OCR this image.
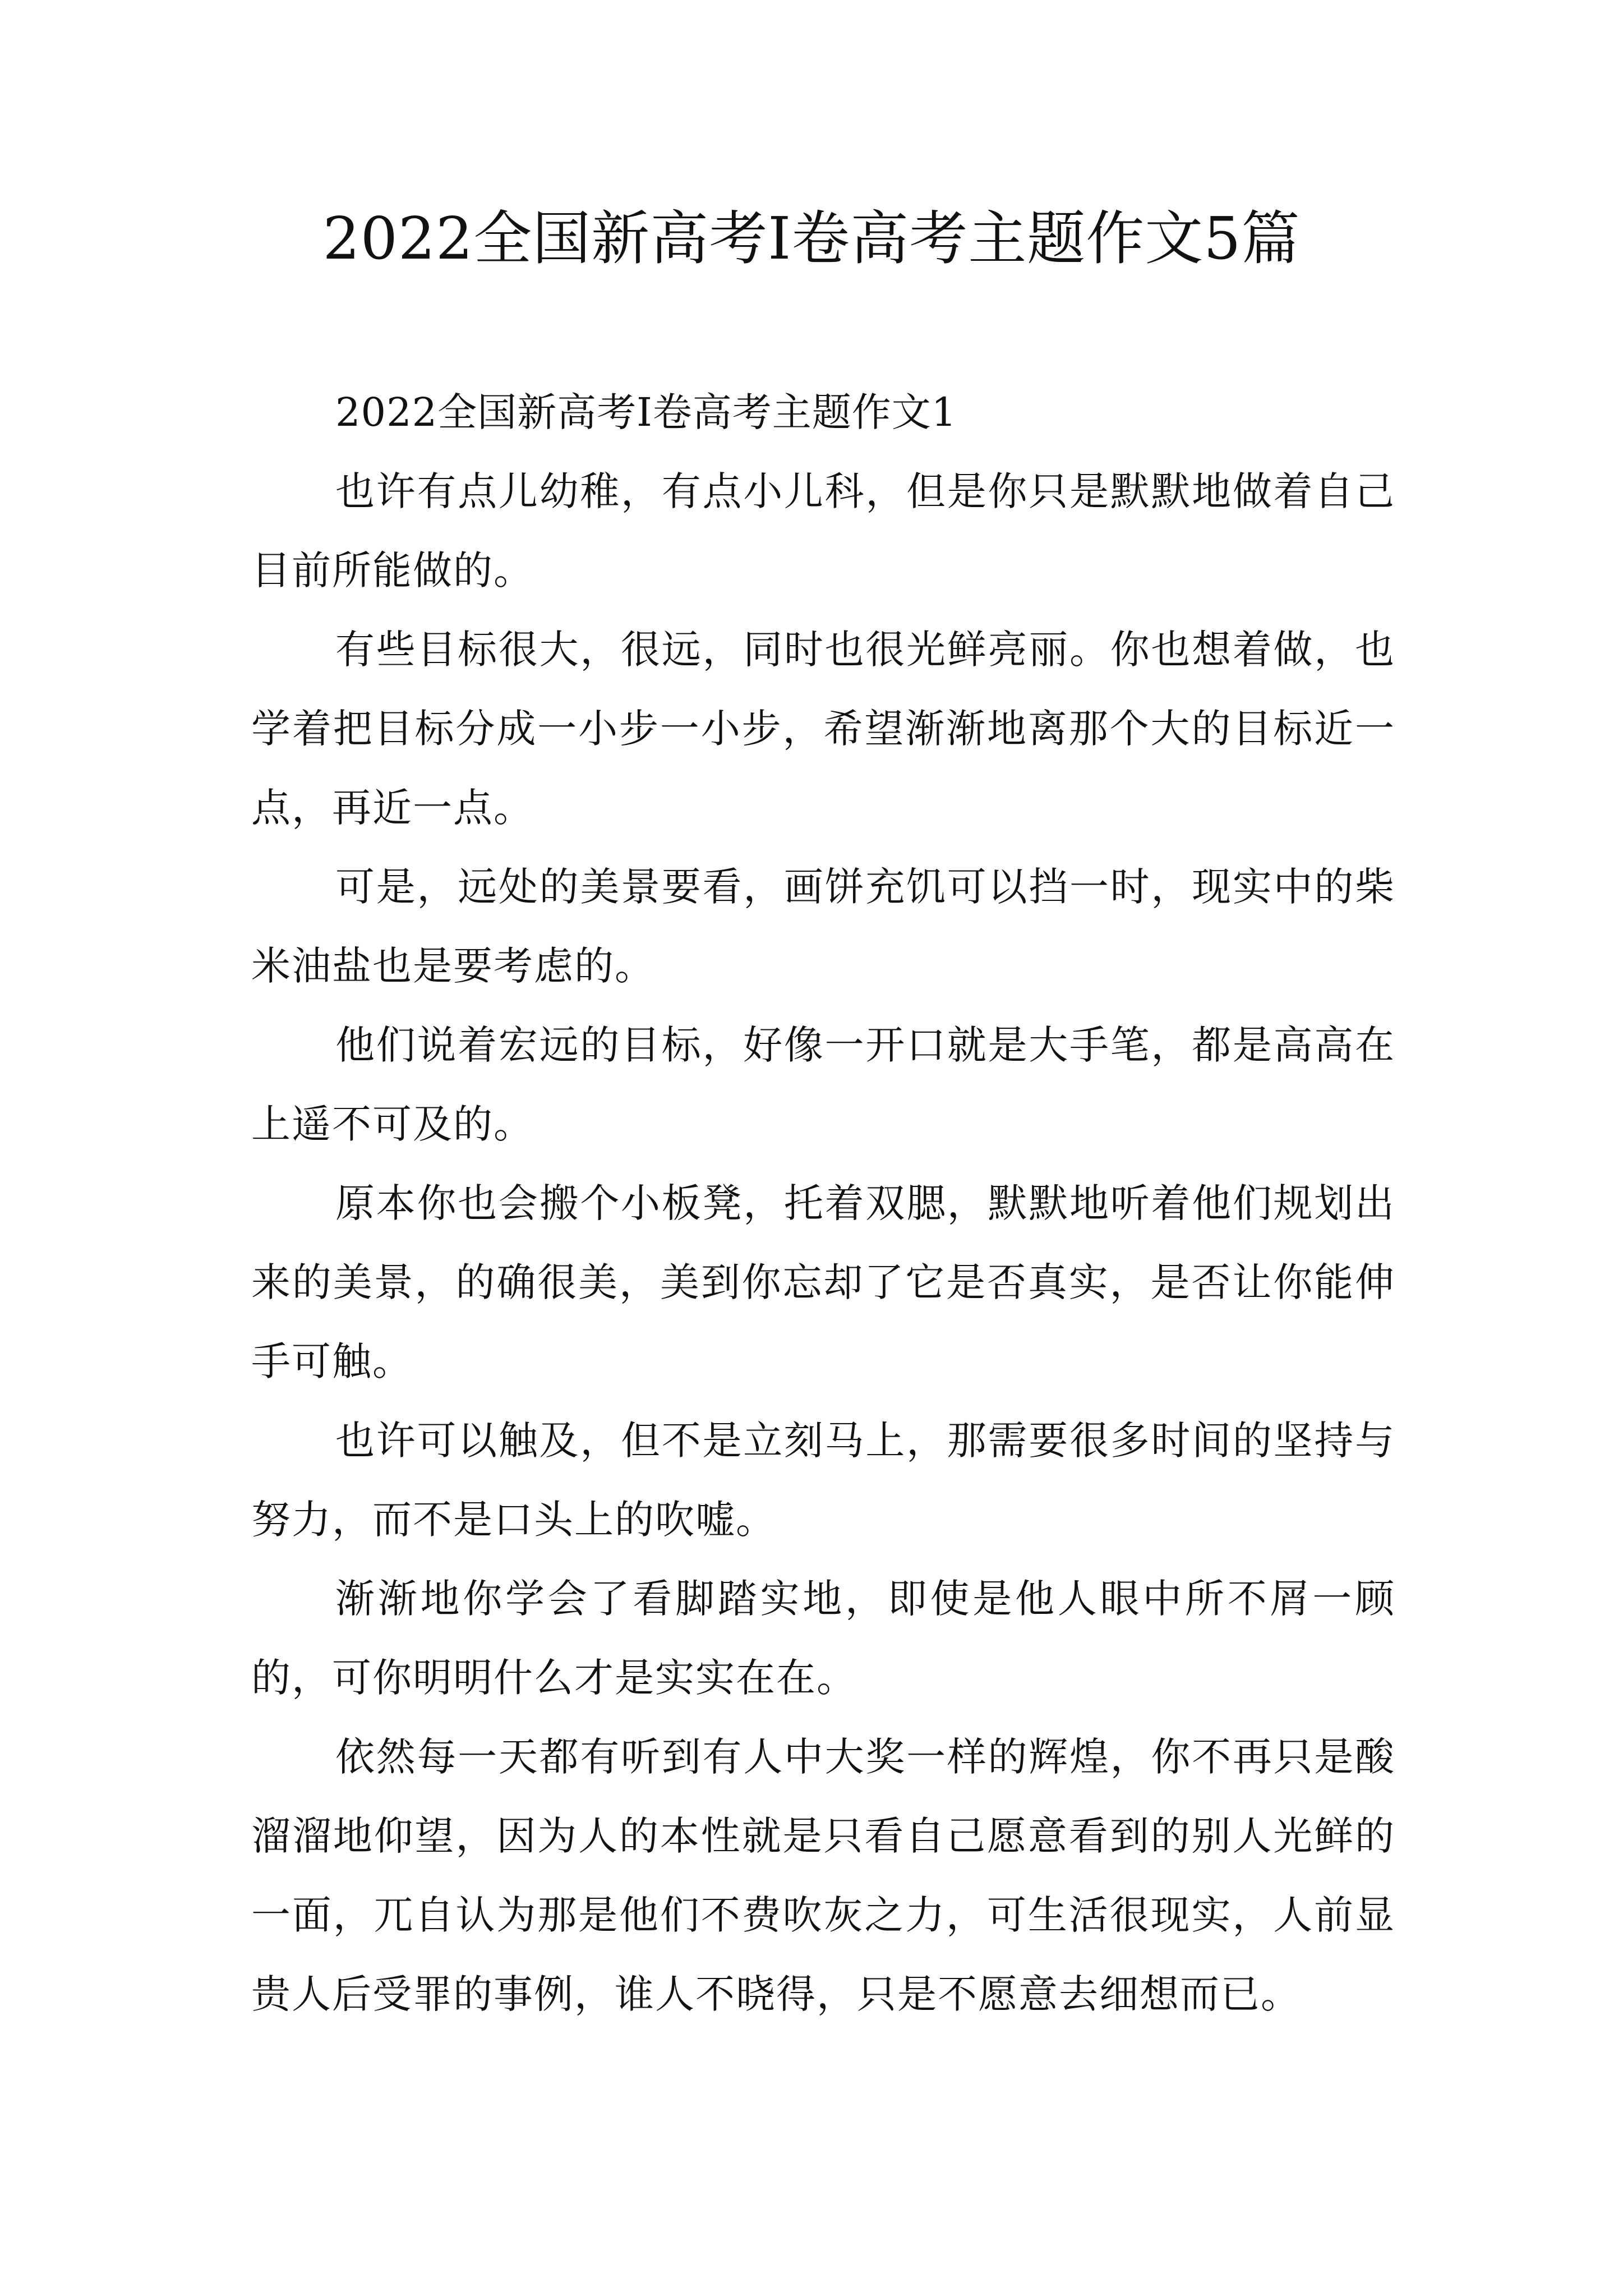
2022全国新高考I卷高考主题作文5篇
2022全国新高考I卷高考主题作文1

也许有点儿幼稚，有点小儿科，但是你只是默默地做着自己目前所能做的。

有些目标很大，很远，同时也很光鲜亮丽。你也想着做，也学着把目标分成一小步一小步，希望渐渐地离那个大的目标近一点，再近一点。

可是，远处的美景要看，画饼充饥可以挡一时，现实中的柴米油盐也是要考虑的。

他们说着宏远的目标，好像一开口就是大手笔，都是高高在上遥不可及的。

原本你也会搬个小板凳，托着双腮，默默地听着他们规划出来的美景，的确很美，美到你忘却了它是否真实，是否让你能伸手可触。

也许可以触及，但不是立刻马上，那需要很多时间的坚持与努力，而不是口头上的吹嘘。

渐渐地你学会了看脚踏实地，即使是他人眼中所不屑一顾的，可你明明什么才是实实在在。

依然每一天都有听到有人中大奖一样的辉煌，你不再只是酸溜溜地仰望，因为人的本性就是只看自己愿意看到的别人光鲜的一面，兀自认为那是他们不费吹灰之力，可生活很现实，人前显贵人后受罪的事例，谁人不晓得，只是不愿意去细想而已。
